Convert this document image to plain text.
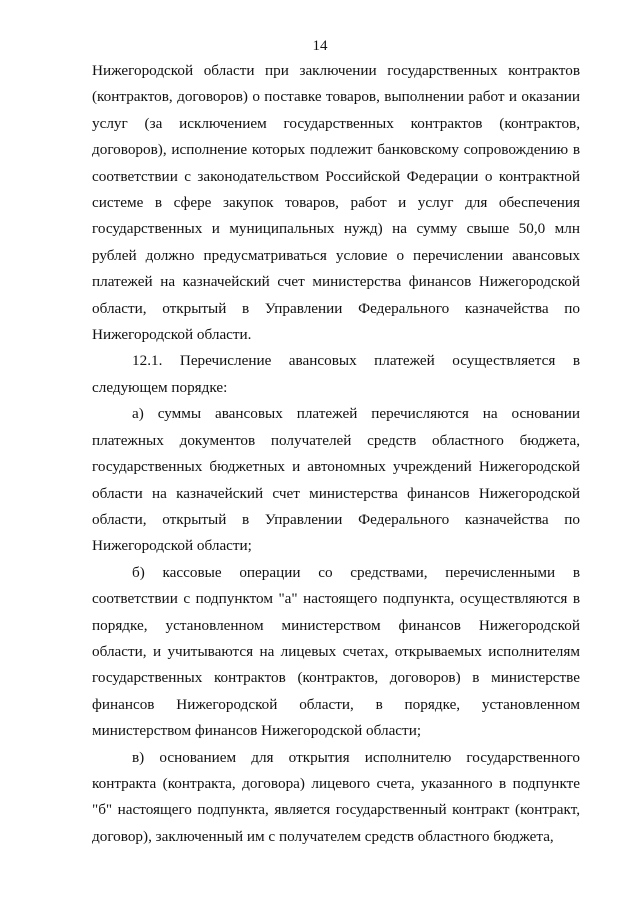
14

Нижегородской области при заключении государственных контрактов (контрактов, договоров) о поставке товаров, выполнении работ и оказании услуг (за исключением государственных контрактов (контрактов, договоров), исполнение которых подлежит банковскому сопровождению в соответствии с законодательством Российской Федерации о контрактной системе в сфере закупок товаров, работ и услуг для обеспечения государственных и муниципальных нужд) на сумму свыше 50,0 млн рублей должно предусматриваться условие о перечислении авансовых платежей на казначейский счет министерства финансов Нижегородской области, открытый в Управлении Федерального казначейства по Нижегородской области.

12.1. Перечисление авансовых платежей осуществляется в следующем порядке:

а) суммы авансовых платежей перечисляются на основании платежных документов получателей средств областного бюджета, государственных бюджетных и автономных учреждений Нижегородской области на казначейский счет министерства финансов Нижегородской области, открытый в Управлении Федерального казначейства по Нижегородской области;

б) кассовые операции со средствами, перечисленными в соответствии с подпунктом "а" настоящего подпункта, осуществляются в порядке, установленном министерством финансов Нижегородской области, и учитываются на лицевых счетах, открываемых исполнителям государственных контрактов (контрактов, договоров) в министерстве финансов Нижегородской области, в порядке, установленном министерством финансов Нижегородской области;

в) основанием для открытия исполнителю государственного контракта (контракта, договора) лицевого счета, указанного в подпункте "б" настоящего подпункта, является государственный контракт (контракт, договор), заключенный им с получателем средств областного бюджета,
